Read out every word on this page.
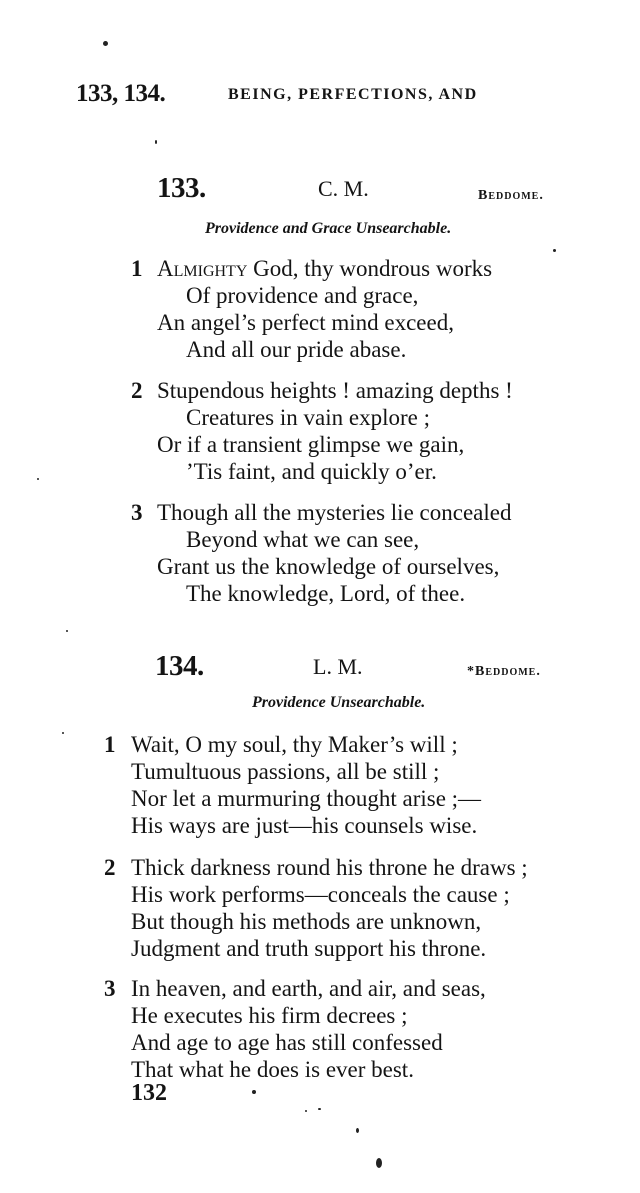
133, 134.	BEING, PERFECTIONS, AND
133.	C. M.	Beddome.
Providence and Grace Unsearchable.
1 Almighty God, thy wondrous works
Of providence and grace,
An angel’s perfect mind exceed,
And all our pride abase.
2 Stupendous heights ! amazing depths !
Creatures in vain explore ;
Or if a transient glimpse we gain,
’Tis faint, and quickly o’er.
3 Though all the mysteries lie concealed
Beyond what we can see,
Grant us the knowledge of ourselves,
The knowledge, Lord, of thee.
134.	L. M.	*Beddome.
Providence Unsearchable.
1 Wait, O my soul, thy Maker’s will ;
Tumultuous passions, all be still ;
Nor let a murmuring thought arise ;—
His ways are just—his counsels wise.
2 Thick darkness round his throne he draws ;
His work performs—conceals the cause ;
But though his methods are unknown,
Judgment and truth support his throne.
3 In heaven, and earth, and air, and seas,
He executes his firm decrees ;
And age to age has still confessed
That what he does is ever best.
132
